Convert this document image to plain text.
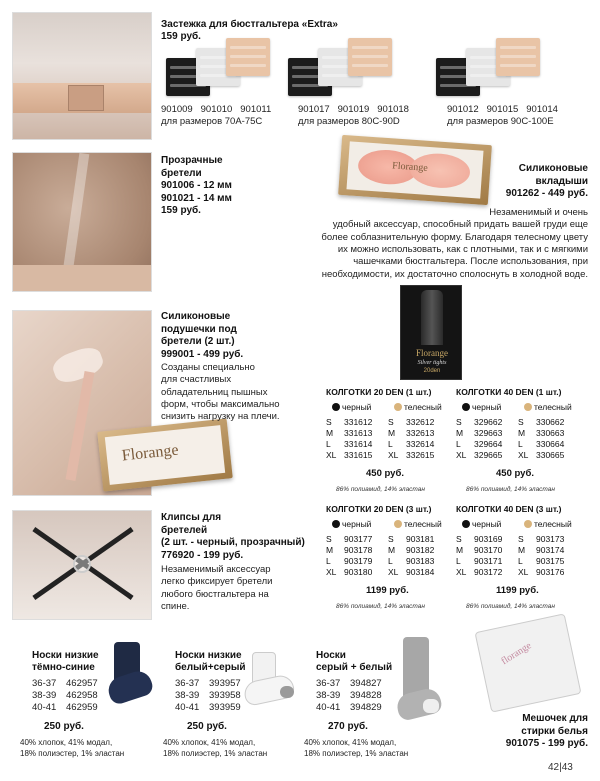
Застежка для бюстгальтера «Extra»
159 руб.
901009 901010 901011
для размеров 70А-75С
901017 901019 901018
для размеров 80С-90D
901012 901015 901014
для размеров 90С-100Е
Прозрачные
бретели
901006 - 12 мм
901021 - 14 мм
159 руб.
Florange	Силиконовые
вкладыши
901262 - 449 руб.
Незаменимый и очень
удобный аксессуар, способный придать вашей груди еще
более соблазнительную форму. Благодаря телесному цвету
их можно использовать, как с плотными, так и с мягкими
чашечками бюстгальтера. После использования, при
необходимости, их достаточно сполоснуть в холодной воде.
Florange
Силиконовые
подушечки под
бретели (2 шт.)
999001 - 499 руб.
Созданы специально
для счастливых
обладательниц пышных
форм, чтобы максимально
снизить нагрузку на плечи.
Florange
Silver tights
20den
КОЛГОТКИ 20 DEN (1 шт.)
черный	телесный
S 331612 S 332612
M 331613 M 332613
L 331614 L 332614
XL 331615 XL 332615
450 руб.
86% полиамид, 14% эластан
КОЛГОТКИ 40 DEN (1 шт.)
черный	телесный
S 329662 S 330662
M 329663 M 330663
L 329664 L 330664
XL 329665 XL 330665
450 руб.
86% полиамид, 14% эластан
КОЛГОТКИ 20 DEN (3 шт.)
черный	телесный
S 903177 S 903181
M 903178 M 903182
L 903179 L 903183
XL 903180 XL 903184
1199 руб.
86% полиамид, 14% эластан
КОЛГОТКИ 40 DEN (3 шт.)
черный	телесный
S 903169 S 903173
M 903170 M 903174
L 903171 L 903175
XL 903172 XL 903176
1199 руб.
86% полиамид, 14% эластан
Клипсы для
бретелей
(2 шт. - черный, прозрачный)
776920 - 199 руб.
Незаменимый аксессуар
легко фиксирует бретели
любого бюстгальтера на
спине.
Носки низкие
тёмно-синие
36-37 462957
38-39 462958
40-41 462959
250 руб.
40% хлопок, 41% модал,
18% полиэстер, 1% эластан
Носки низкие
белый+серый
36-37 393957
38-39 393958
40-41 393959
250 руб.
40% хлопок, 41% модал,
18% полиэстер, 1% эластан
Носки
серый + белый
36-37 394827
38-39 394828
40-41 394829
270 руб.
40% хлопок, 41% модал,
18% полиэстер, 1% эластан
florange
Мешочек для
стирки белья
901075 - 199 руб.
42|43
